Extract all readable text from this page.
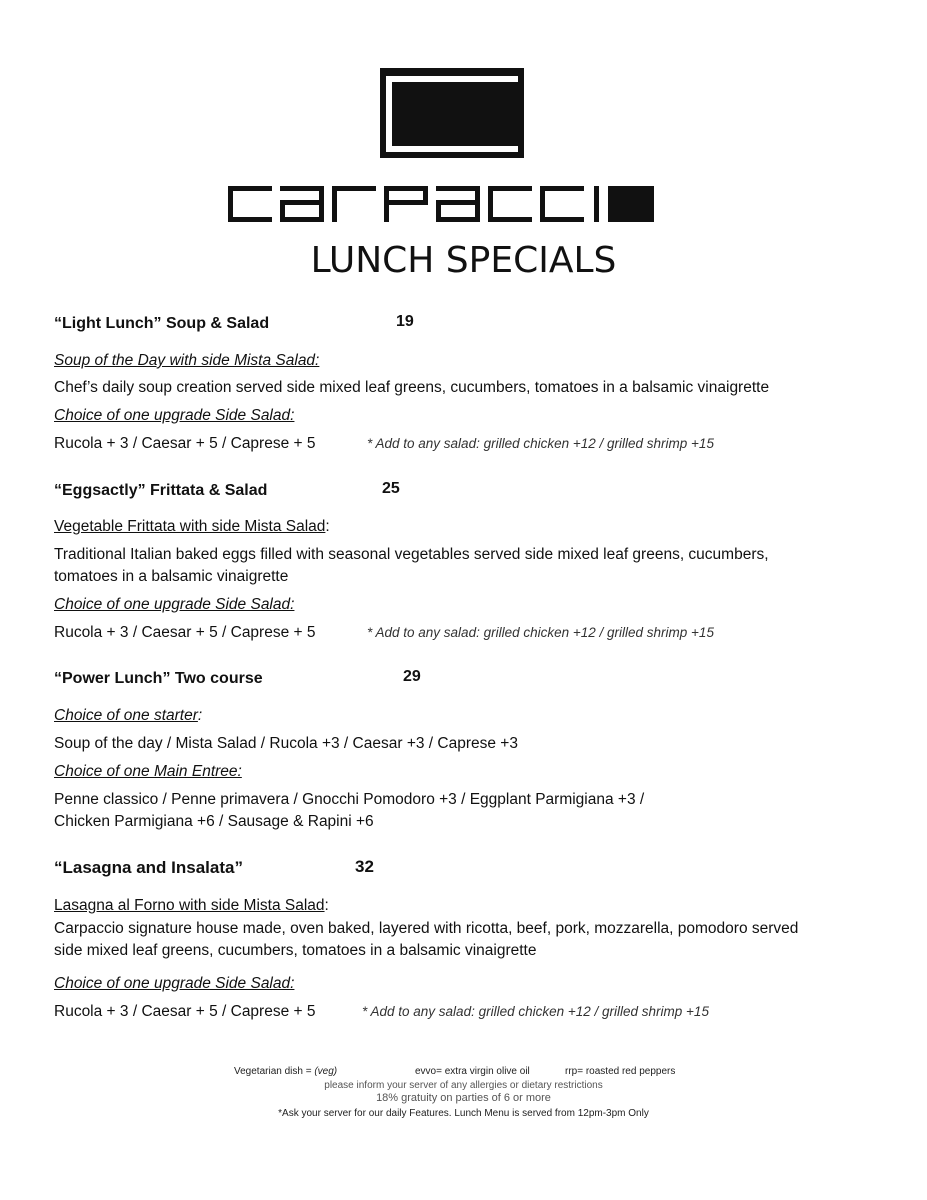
LUNCH SPECIALS
“Light Lunch” Soup & Salad	19
Soup of the Day with side Mista Salad:
Chef’s daily soup creation served side mixed leaf greens, cucumbers, tomatoes in a balsamic vinaigrette
Choice of one upgrade Side Salad:
Rucola + 3 / Caesar + 5 / Caprese + 5	* Add to any salad: grilled chicken +12 / grilled shrimp +15
“Eggsactly” Frittata & Salad	25
Vegetable Frittata with side Mista Salad:
Traditional Italian baked eggs filled with seasonal vegetables served side mixed leaf greens, cucumbers,
tomatoes in a balsamic vinaigrette
Choice of one upgrade Side Salad:
Rucola + 3 / Caesar + 5 / Caprese + 5	* Add to any salad: grilled chicken +12 / grilled shrimp +15
“Power Lunch” Two course	29
Choice of one starter:
Soup of the day / Mista Salad / Rucola +3 / Caesar +3 / Caprese +3
Choice of one Main Entree:
Penne classico / Penne primavera / Gnocchi Pomodoro +3 / Eggplant Parmigiana +3 /
Chicken Parmigiana +6 / Sausage & Rapini +6
“Lasagna and Insalata”	32
Lasagna al Forno with side Mista Salad:
Carpaccio signature house made, oven baked, layered with ricotta, beef, pork, mozzarella, pomodoro served
side mixed leaf greens, cucumbers, tomatoes in a balsamic vinaigrette
Choice of one upgrade Side Salad:
Rucola + 3 / Caesar + 5 / Caprese + 5	* Add to any salad: grilled chicken +12 / grilled shrimp +15
Vegetarian dish = (veg)	evvo= extra virgin olive oil	rrp= roasted red peppers
please inform your server of any allergies or dietary restrictions
18% gratuity on parties of 6 or more
*Ask your server for our daily Features. Lunch Menu is served from 12pm-3pm Only
